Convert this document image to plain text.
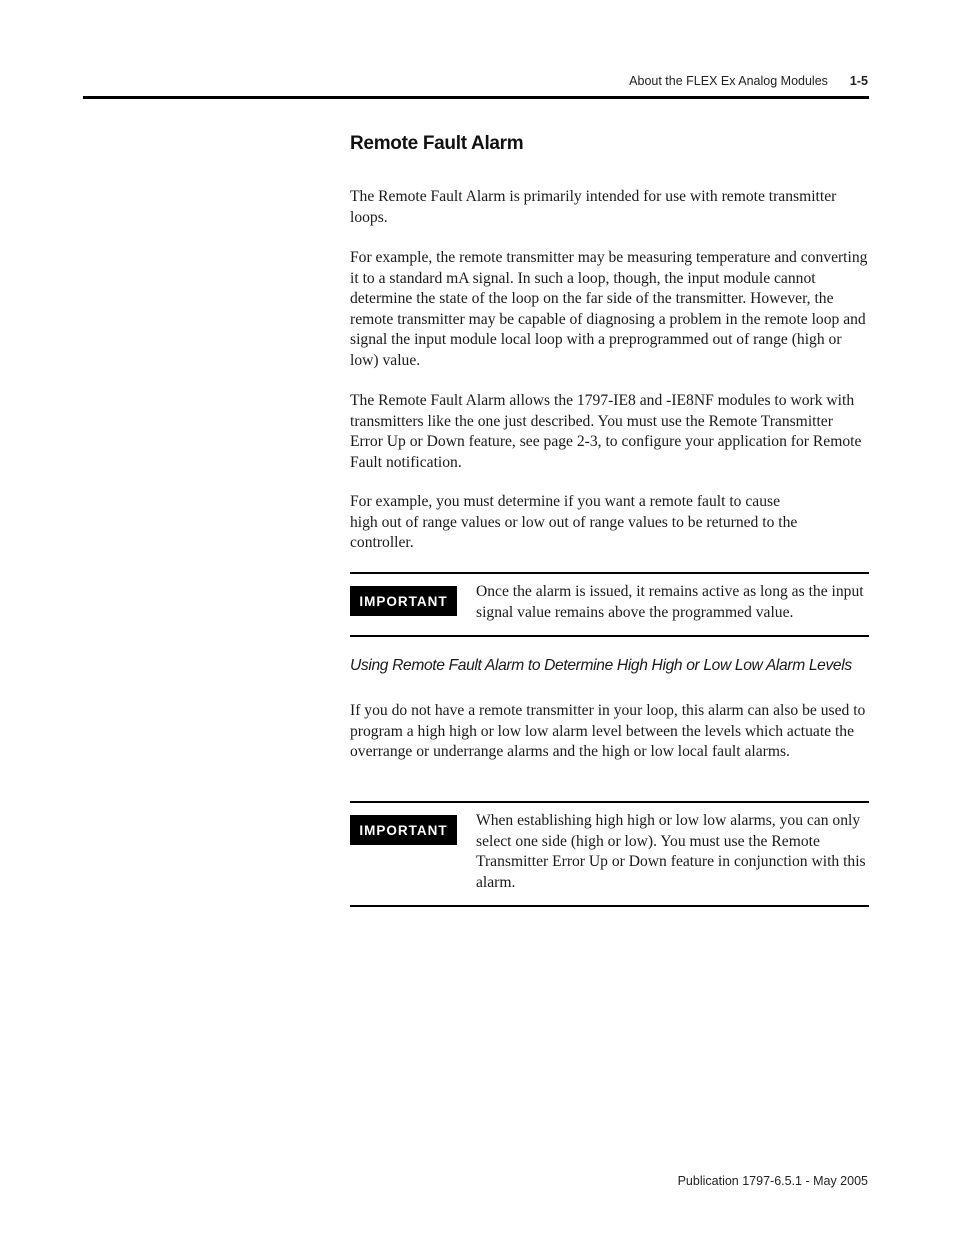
About the FLEX Ex Analog Modules 1-5
Remote Fault Alarm

The Remote Fault Alarm is primarily intended for use with remote transmitter loops.

For example, the remote transmitter may be measuring temperature and converting it to a standard mA signal. In such a loop, though, the input module cannot determine the state of the loop on the far side of the transmitter. However, the remote transmitter may be capable of diagnosing a problem in the remote loop and signal the input module local loop with a preprogrammed out of range (high or low) value.

The Remote Fault Alarm allows the 1797-IE8 and -IE8NF modules to work with transmitters like the one just described. You must use the Remote Transmitter Error Up or Down feature, see page 2-3, to configure your application for Remote Fault notification.

For example, you must determine if you want a remote fault to cause high out of range values or low out of range values to be returned to the controller.

IMPORTANT

Once the alarm is issued, it remains active as long as the input signal value remains above the programmed value.

Using Remote Fault Alarm to Determine High High or Low Low Alarm Levels

If you do not have a remote transmitter in your loop, this alarm can also be used to program a high high or low low alarm level between the levels which actuate the overrange or underrange alarms and the high or low local fault alarms.

IMPORTANT

When establishing high high or low low alarms, you can only select one side (high or low). You must use the Remote Transmitter Error Up or Down feature in conjunction with this alarm.

Publication 1797-6.5.1 - May 2005
